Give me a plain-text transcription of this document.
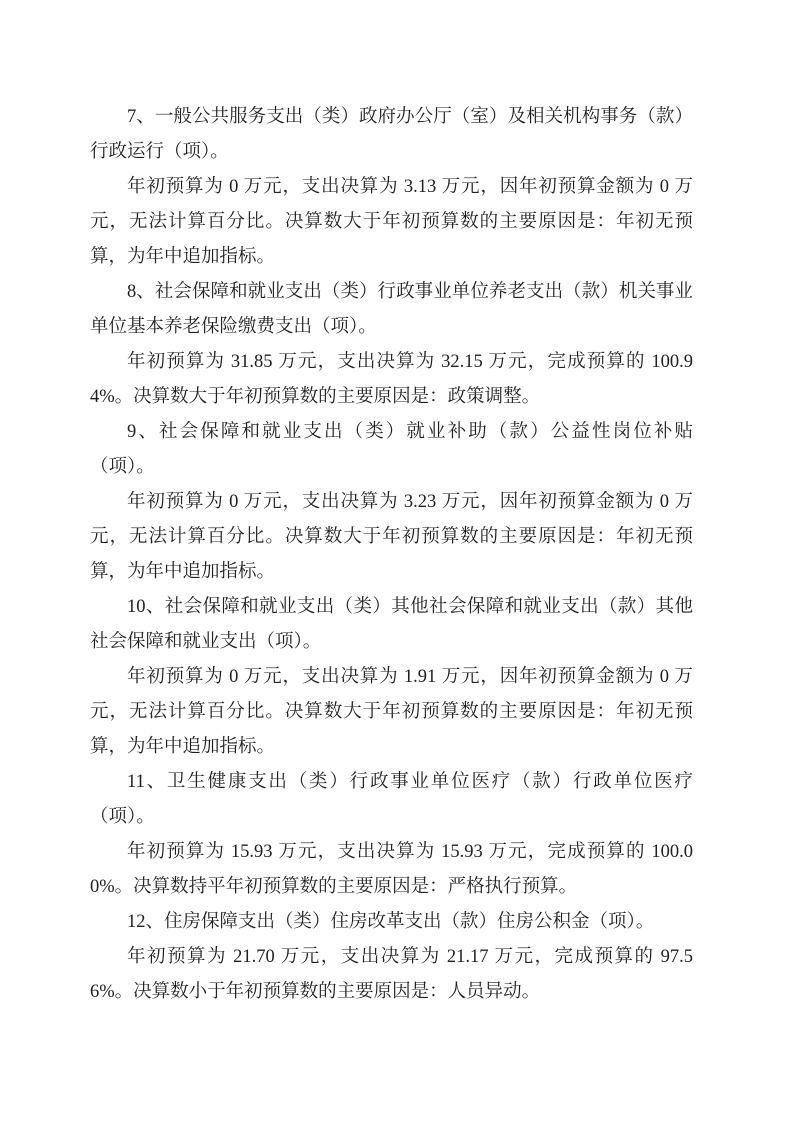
7、一般公共服务支出（类）政府办公厅（室）及相关机构事务（款）行政运行（项）。

年初预算为 0 万元，支出决算为 3.13 万元，因年初预算金额为 0 万元，无法计算百分比。决算数大于年初预算数的主要原因是：年初无预算，为年中追加指标。

8、社会保障和就业支出（类）行政事业单位养老支出（款）机关事业单位基本养老保险缴费支出（项）。

年初预算为 31.85 万元，支出决算为 32.15 万元，完成预算的 100.94%。决算数大于年初预算数的主要原因是：政策调整。

9、社会保障和就业支出（类）就业补助（款）公益性岗位补贴（项）。

年初预算为 0 万元，支出决算为 3.23 万元，因年初预算金额为 0 万元，无法计算百分比。决算数大于年初预算数的主要原因是：年初无预算，为年中追加指标。

10、社会保障和就业支出（类）其他社会保障和就业支出（款）其他社会保障和就业支出（项）。

年初预算为 0 万元，支出决算为 1.91 万元，因年初预算金额为 0 万元，无法计算百分比。决算数大于年初预算数的主要原因是：年初无预算，为年中追加指标。

11、卫生健康支出（类）行政事业单位医疗（款）行政单位医疗（项）。

年初预算为 15.93 万元，支出决算为 15.93 万元，完成预算的 100.00%。决算数持平年初预算数的主要原因是：严格执行预算。

12、住房保障支出（类）住房改革支出（款）住房公积金（项）。

年初预算为 21.70 万元，支出决算为 21.17 万元，完成预算的 97.56%。决算数小于年初预算数的主要原因是：人员异动。
